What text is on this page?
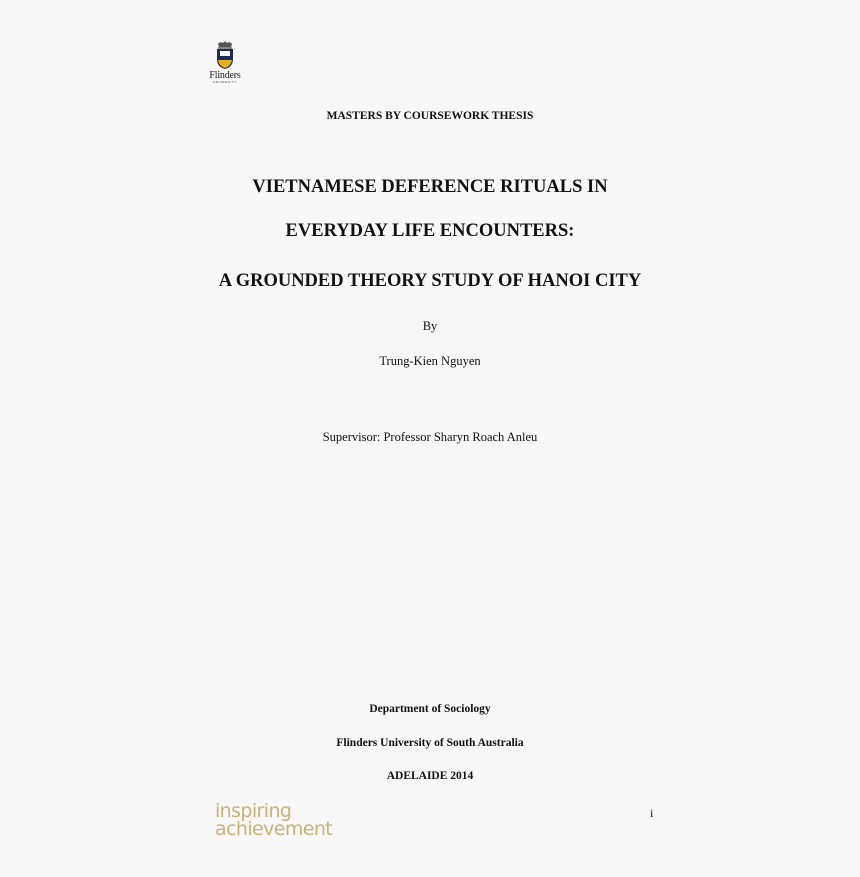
Flinders
UNIVERSITY
MASTERS BY COURSEWORK THESIS
VIETNAMESE DEFERENCE RITUALS IN
EVERYDAY LIFE ENCOUNTERS:
A GROUNDED THEORY STUDY OF HANOI CITY
By
Trung-Kien Nguyen
Supervisor: Professor Sharyn Roach Anleu
Department of Sociology
Flinders University of South Australia
ADELAIDE 2014
inspiring
achievement
i
